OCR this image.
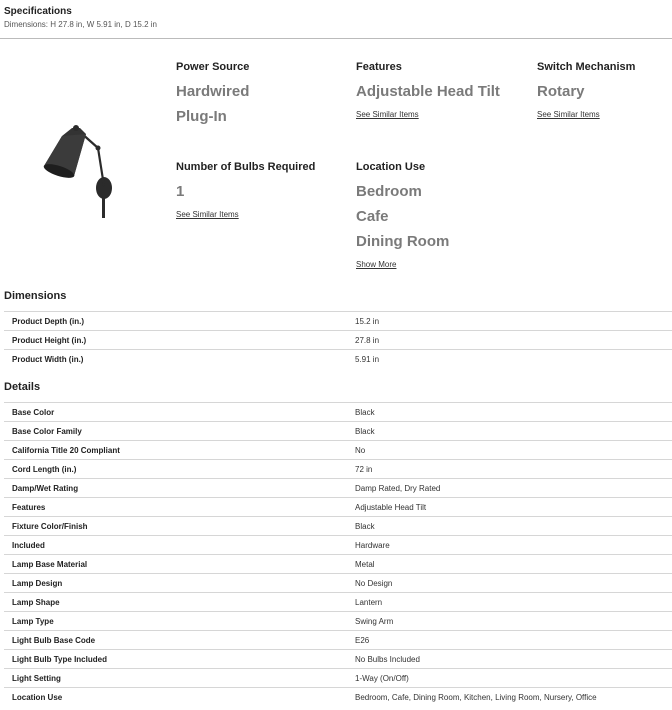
Specifications
Dimensions: H 27.8 in, W 5.91 in, D 15.2 in
Power Source
Hardwired
Plug-In
Features
Adjustable Head Tilt
See Similar Items
Switch Mechanism
Rotary
See Similar Items
Number of Bulbs Required
1
See Similar Items
Location Use
Bedroom
Cafe
Dining Room
Show More
Dimensions
Product Depth (in.)	15.2 in
Product Height (in.)	27.8 in
Product Width (in.)	5.91 in
Details
Base Color	Black
Base Color Family	Black
California Title 20 Compliant	No
Cord Length (in.)	72 in
Damp/Wet Rating	Damp Rated, Dry Rated
Features	Adjustable Head Tilt
Fixture Color/Finish	Black
Included	Hardware
Lamp Base Material	Metal
Lamp Design	No Design
Lamp Shape	Lantern
Lamp Type	Swing Arm
Light Bulb Base Code	E26
Light Bulb Type Included	No Bulbs Included
Light Setting	1-Way (On/Off)
Location Use	Bedroom, Cafe, Dining Room, Kitchen, Living Room, Nursery, Office
